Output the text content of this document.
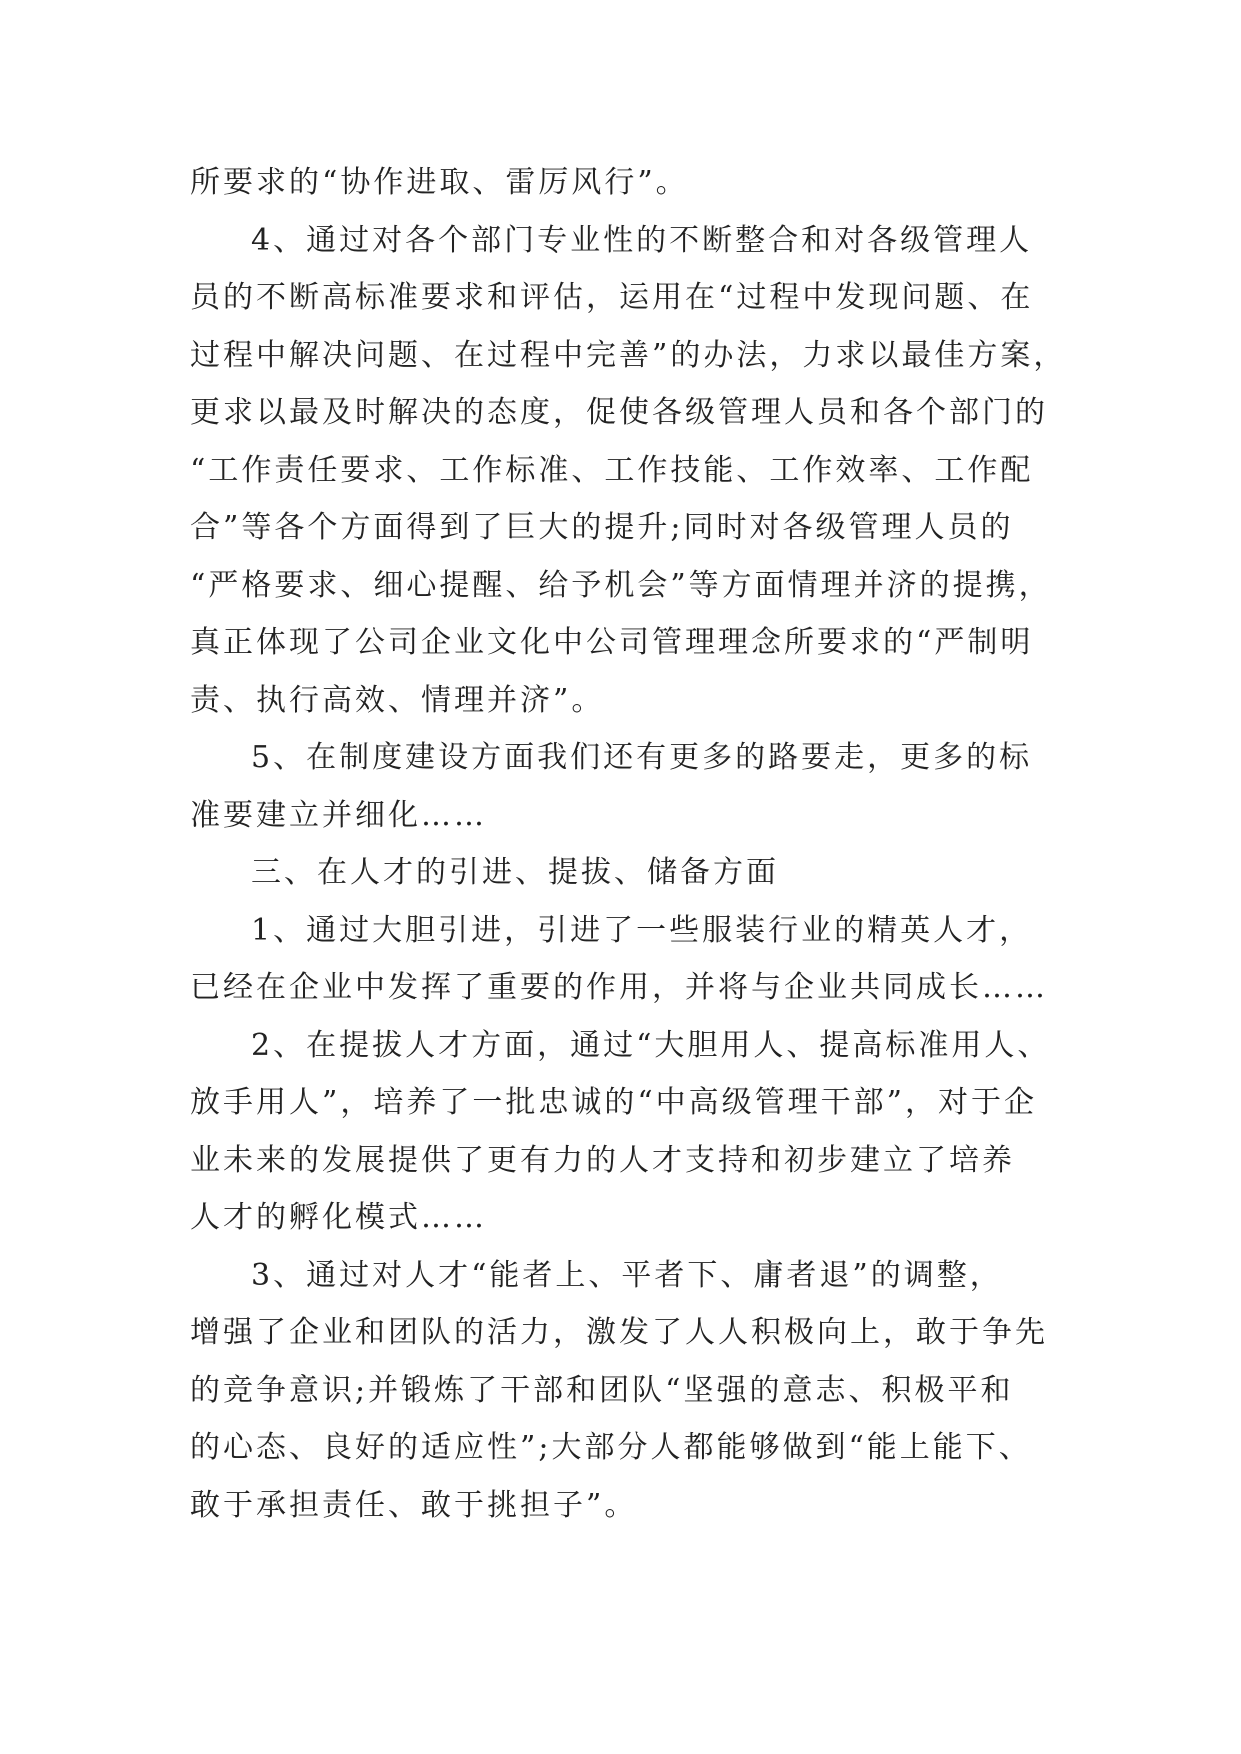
所要求的“协作进取、雷厉风行”。

4、通过对各个部门专业性的不断整合和对各级管理人
员的不断高标准要求和评估，运用在“过程中发现问题、在
过程中解决问题、在过程中完善”的办法，力求以最佳方案，
更求以最及时解决的态度，促使各级管理人员和各个部门的
“工作责任要求、工作标准、工作技能、工作效率、工作配
合”等各个方面得到了巨大的提升;同时对各级管理人员的
“严格要求、细心提醒、给予机会”等方面情理并济的提携，
真正体现了公司企业文化中公司管理理念所要求的“严制明
责、执行高效、情理并济”。

5、在制度建设方面我们还有更多的路要走，更多的标
准要建立并细化……

三、在人才的引进、提拔、储备方面

1、通过大胆引进，引进了一些服装行业的精英人才，
已经在企业中发挥了重要的作用，并将与企业共同成长……

2、在提拔人才方面，通过“大胆用人、提高标准用人、
放手用人”，培养了一批忠诚的“中高级管理干部”，对于企
业未来的发展提供了更有力的人才支持和初步建立了培养
人才的孵化模式……

3、通过对人才“能者上、平者下、庸者退”的调整，
增强了企业和团队的活力，激发了人人积极向上，敢于争先
的竞争意识;并锻炼了干部和团队“坚强的意志、积极平和
的心态、良好的适应性”;大部分人都能够做到“能上能下、
敢于承担责任、敢于挑担子”。
